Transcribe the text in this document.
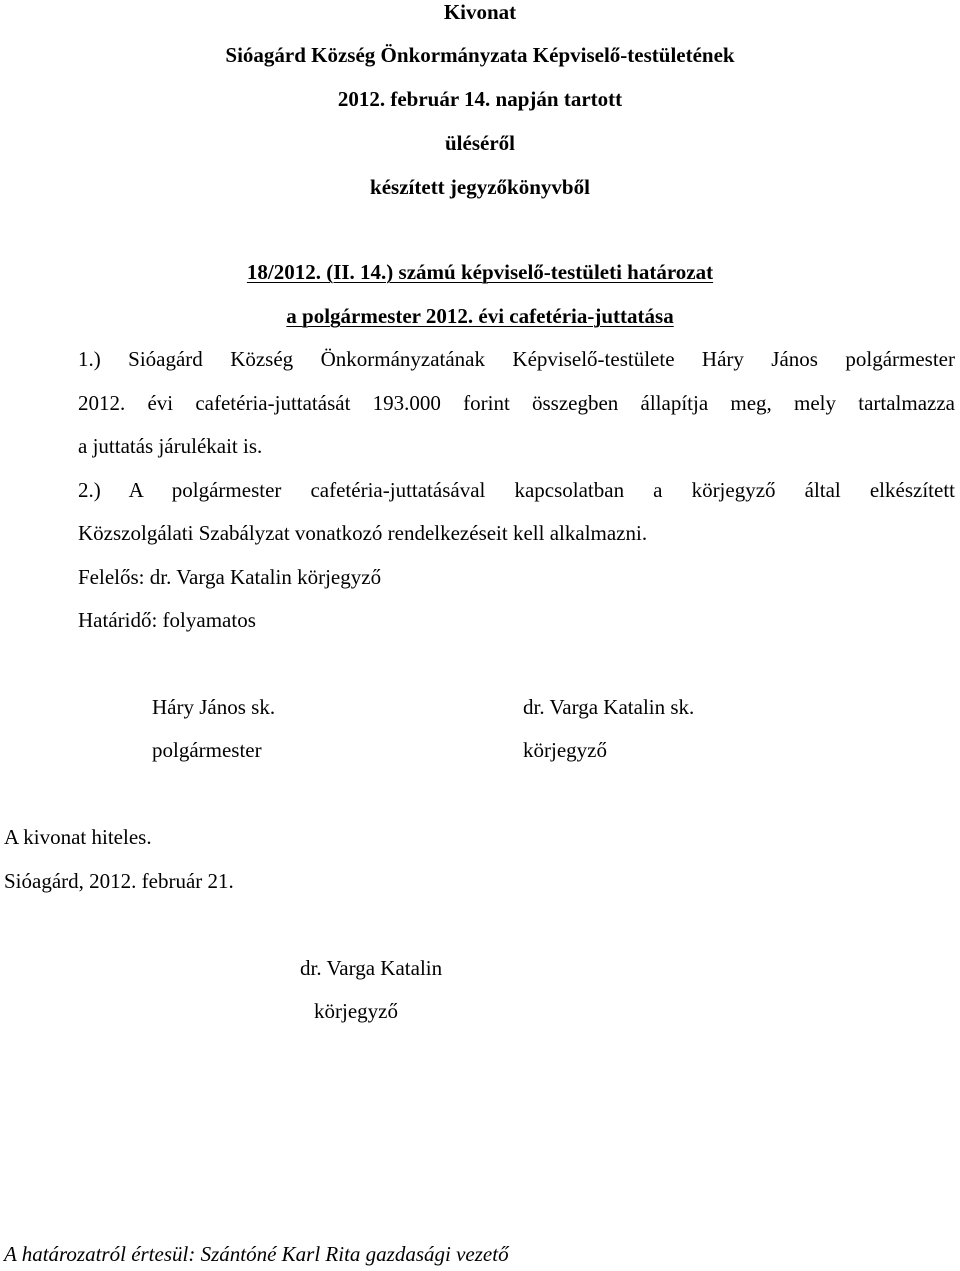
Kivonat
Sióagárd Község Önkormányzata Képviselő-testületének
2012. február 14. napján tartott
üléséről
készített jegyzőkönyvből
18/2012. (II. 14.) számú képviselő-testületi határozat
a polgármester 2012. évi cafetéria-juttatása
1.) Sióagárd Község Önkormányzatának Képviselő-testülete Háry János polgármester
2012. évi cafetéria-juttatását 193.000 forint összegben állapítja meg, mely tartalmazza
a juttatás járulékait is.
2.) A polgármester cafetéria-juttatásával kapcsolatban a körjegyző által elkészített
Közszolgálati Szabályzat vonatkozó rendelkezéseit kell alkalmazni.
Felelős: dr. Varga Katalin körjegyző
Határidő: folyamatos
Háry János sk.
polgármester
dr. Varga Katalin sk.
körjegyző
A kivonat hiteles.
Sióagárd, 2012. február 21.
dr. Varga Katalin
körjegyző
A határozatról értesül: Szántóné Karl Rita gazdasági vezető
